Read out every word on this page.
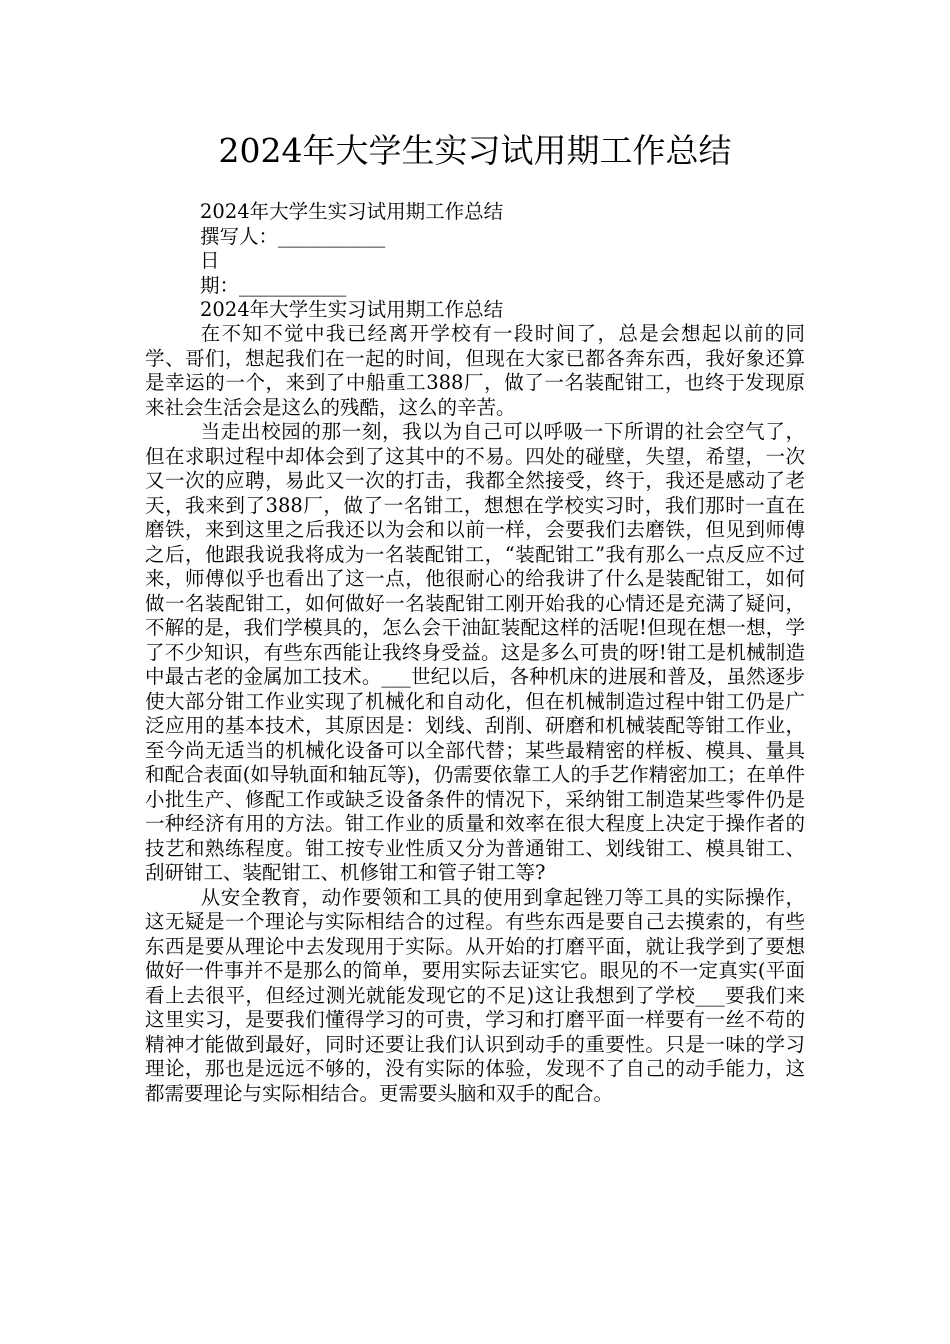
2024年大学生实习试用期工作总结
2024年大学生实习试用期工作总结
撰写人：___________
日
期：___________
2024年大学生实习试用期工作总结

在不知不觉中我已经离开学校有一段时间了，总是会想起以前的同学、哥们，想起我们在一起的时间，但现在大家已都各奔东西，我好象还算是幸运的一个，来到了中船重工388厂，做了一名装配钳工，也终于发现原来社会生活会是这么的残酷，这么的辛苦。

当走出校园的那一刻，我以为自己可以呼吸一下所谓的社会空气了，但在求职过程中却体会到了这其中的不易。四处的碰壁，失望，希望，一次又一次的应聘，易此又一次的打击，我都全然接受，终于，我还是感动了老天，我来到了388厂，做了一名钳工，想想在学校实习时，我们那时一直在磨铁，来到这里之后我还以为会和以前一样，会要我们去磨铁，但见到师傅之后，他跟我说我将成为一名装配钳工，“装配钳工”我有那么一点反应不过来，师傅似乎也看出了这一点，他很耐心的给我讲了什么是装配钳工，如何做一名装配钳工，如何做好一名装配钳工刚开始我的心情还是充满了疑问，不解的是，我们学模具的，怎么会干油缸装配这样的活呢!但现在想一想，学了不少知识，有些东西能让我终身受益。这是多么可贵的呀!钳工是机械制造中最古老的金属加工技术。___世纪以后，各种机床的进展和普及，虽然逐步使大部分钳工作业实现了机械化和自动化，但在机械制造过程中钳工仍是广泛应用的基本技术，其原因是：划线、刮削、研磨和机械装配等钳工作业，至今尚无适当的机械化设备可以全部代替；某些最精密的样板、模具、量具和配合表面(如导轨面和轴瓦等)，仍需要依靠工人的手艺作精密加工；在单件小批生产、修配工作或缺乏设备条件的情况下，采纳钳工制造某些零件仍是一种经济有用的方法。钳工作业的质量和效率在很大程度上决定于操作者的技艺和熟练程度。钳工按专业性质又分为普通钳工、划线钳工、模具钳工、刮研钳工、装配钳工、机修钳工和管子钳工等?

从安全教育，动作要领和工具的使用到拿起锉刀等工具的实际操作，这无疑是一个理论与实际相结合的过程。有些东西是要自己去摸索的，有些东西是要从理论中去发现用于实际。从开始的打磨平面，就让我学到了要想做好一件事并不是那么的简单，要用实际去证实它。眼见的不一定真实(平面看上去很平，但经过测光就能发现它的不足)这让我想到了学校___要我们来这里实习，是要我们懂得学习的可贵，学习和打磨平面一样要有一丝不苟的精神才能做到最好，同时还要让我们认识到动手的重要性。只是一味的学习理论，那也是远远不够的，没有实际的体验，发现不了自己的动手能力，这都需要理论与实际相结合。更需要头脑和双手的配合。
